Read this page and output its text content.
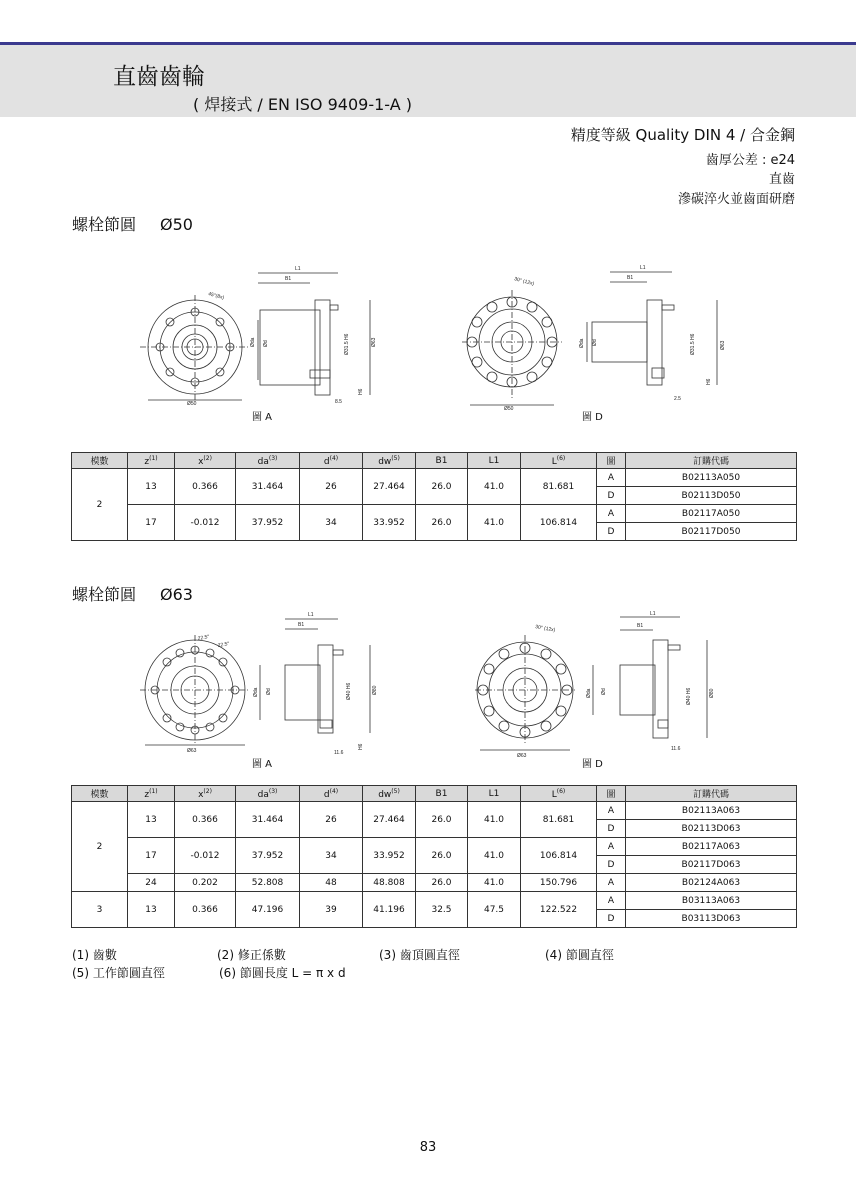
直齒齒輪
( 焊接式 / EN ISO 9409-1-A )
精度等級 Quality DIN 4 / 合金鋼
齒厚公差 : e24
直齒
滲碳淬火並齒面研磨
螺栓節圓 Ø50
45°(8x)
Ø50
L1
B1
Øda Ød	Ø31.5 H6	Ø63
8.5
H6
圖 A
30° (12x)
Ø50
L1
B1
Øda Ød	Ø31.5 H6	Ø63
2.5
H6
圖 D
模數	$z^{(1)}$	$x^{(2)}$	$da^{(3)}$	$d^{(4)}$	$dw^{(5)}$	B1	L1	$L^{(6)}$	圖	訂購代碼
2	13	0.366	31.464	26	27.464	26.0	41.0	81.681	A	B02113A050
									D	B02113D050
	17	-0.012	37.952	34	33.952	26.0	41.0	106.814	A	B02117A050
									D	B02117D050
螺栓節圓 Ø63
22.5°
22.5°
Ø63
L1
B1
Øda Ød	Ø40 H6	Ø80
11.6
H6
圖 A
30° (12x)
Ø63
L1
B1
Øda Ød	Ø40 H6	Ø80
11.6
圖 D
模數	$z^{(1)}$	$x^{(2)}$	$da^{(3)}$	$d^{(4)}$	$dw^{(5)}$	B1	L1	$L^{(6)}$	圖	訂購代碼
2	13	0.366	31.464	26	27.464	26.0	41.0	81.681	A	B02113A063
									D	B02113D063
	17	-0.012	37.952	34	33.952	26.0	41.0	106.814	A	B02117A063
									D	B02117D063
	24	0.202	52.808	48	48.808	26.0	41.0	150.796	A	B02124A063
3	13	0.366	47.196	39	41.196	32.5	47.5	122.522	A	B03113A063
									D	B03113D063
(1) 齒數	(2) 修正係數	(3) 齒頂圓直徑	(4) 節圓直徑
(5) 工作節圓直徑	(6) 節圓長度 L = π x d
83
